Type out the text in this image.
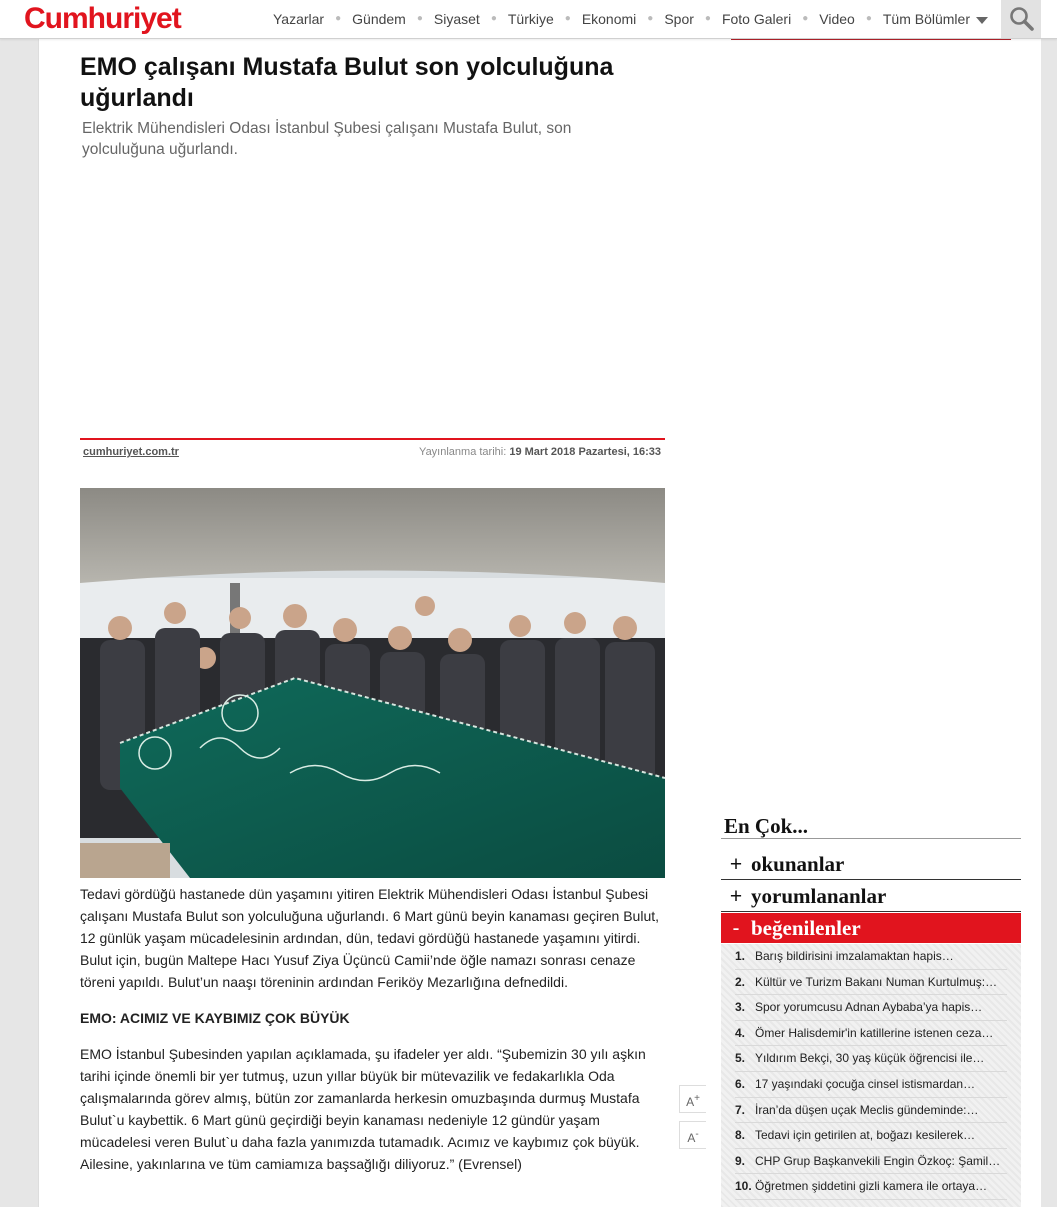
Cumhuriyet	Yazarlar	● Gündem	● Siyaset	● Türkiye	● Ekonomi	● Spor	● Foto Galeri	● Video	● Tüm Bölümler
EMO çalışanı Mustafa Bulut son yolculuğuna uğurlandı

Elektrik Mühendisleri Odası İstanbul Şubesi çalışanı Mustafa Bulut, son yolculuğuna uğurlandı.

cumhuriyet.com.tr	Yayınlanma tarihi: 19 Mart 2018 Pazartesi, 16:33

Tedavi gördüğü hastanede dün yaşamını yitiren Elektrik Mühendisleri Odası İstanbul Şubesi çalışanı Mustafa Bulut son yolculuğuna uğurlandı. 6 Mart günü beyin kanaması geçiren Bulut, 12 günlük yaşam mücadelesinin ardından, dün, tedavi gördüğü hastanede yaşamını yitirdi. Bulut için, bugün Maltepe Hacı Yusuf Ziya Üçüncü Camii’nde öğle namazı sonrası cenaze töreni yapıldı. Bulut’un naaşı töreninin ardından Feriköy Mezarlığına defnedildi.

EMO: ACIMIZ VE KAYBIMIZ ÇOK BÜYÜK

EMO İstanbul Şubesinden yapılan açıklamada, şu ifadeler yer aldı. “Şubemizin 30 yılı aşkın tarihi içinde önemli bir yer tutmuş, uzun yıllar büyük bir mütevazilik ve fedakarlıkla Oda çalışmalarında görev almış, bütün zor zamanlarda herkesin omuzbaşında durmuş Mustafa Bulut`u kaybettik. 6 Mart günü geçirdiği beyin kanaması nedeniyle 12 gündür yaşam mücadelesi veren Bulut`u daha fazla yanımızda tutamadık. Acımız ve kaybımız çok büyük. Ailesine, yakınlarına ve tüm camiamıza başsağlığı diliyoruz.” (Evrensel)

A+
A-
En Çok...
+ okunanlar
+ yorumlananlar
- beğenilenler
1. Barış bildirisini imzalamaktan hapis…
2. Kültür ve Turizm Bakanı Numan Kurtulmuş:…
3. Spor yorumcusu Adnan Aybaba’ya hapis…
4. Ömer Halisdemir'in katillerine istenen ceza…
5. Yıldırım Bekçi, 30 yaş küçük öğrencisi ile…
6. 17 yaşındaki çocuğa cinsel istismardan…
7. İran’da düşen uçak Meclis gündeminde:…
8. Tedavi için getirilen at, boğazı kesilerek…
9. CHP Grup Başkanvekili Engin Özkoç: Şamil…
10. Öğretmen şiddetini gizli kamera ile ortaya…
